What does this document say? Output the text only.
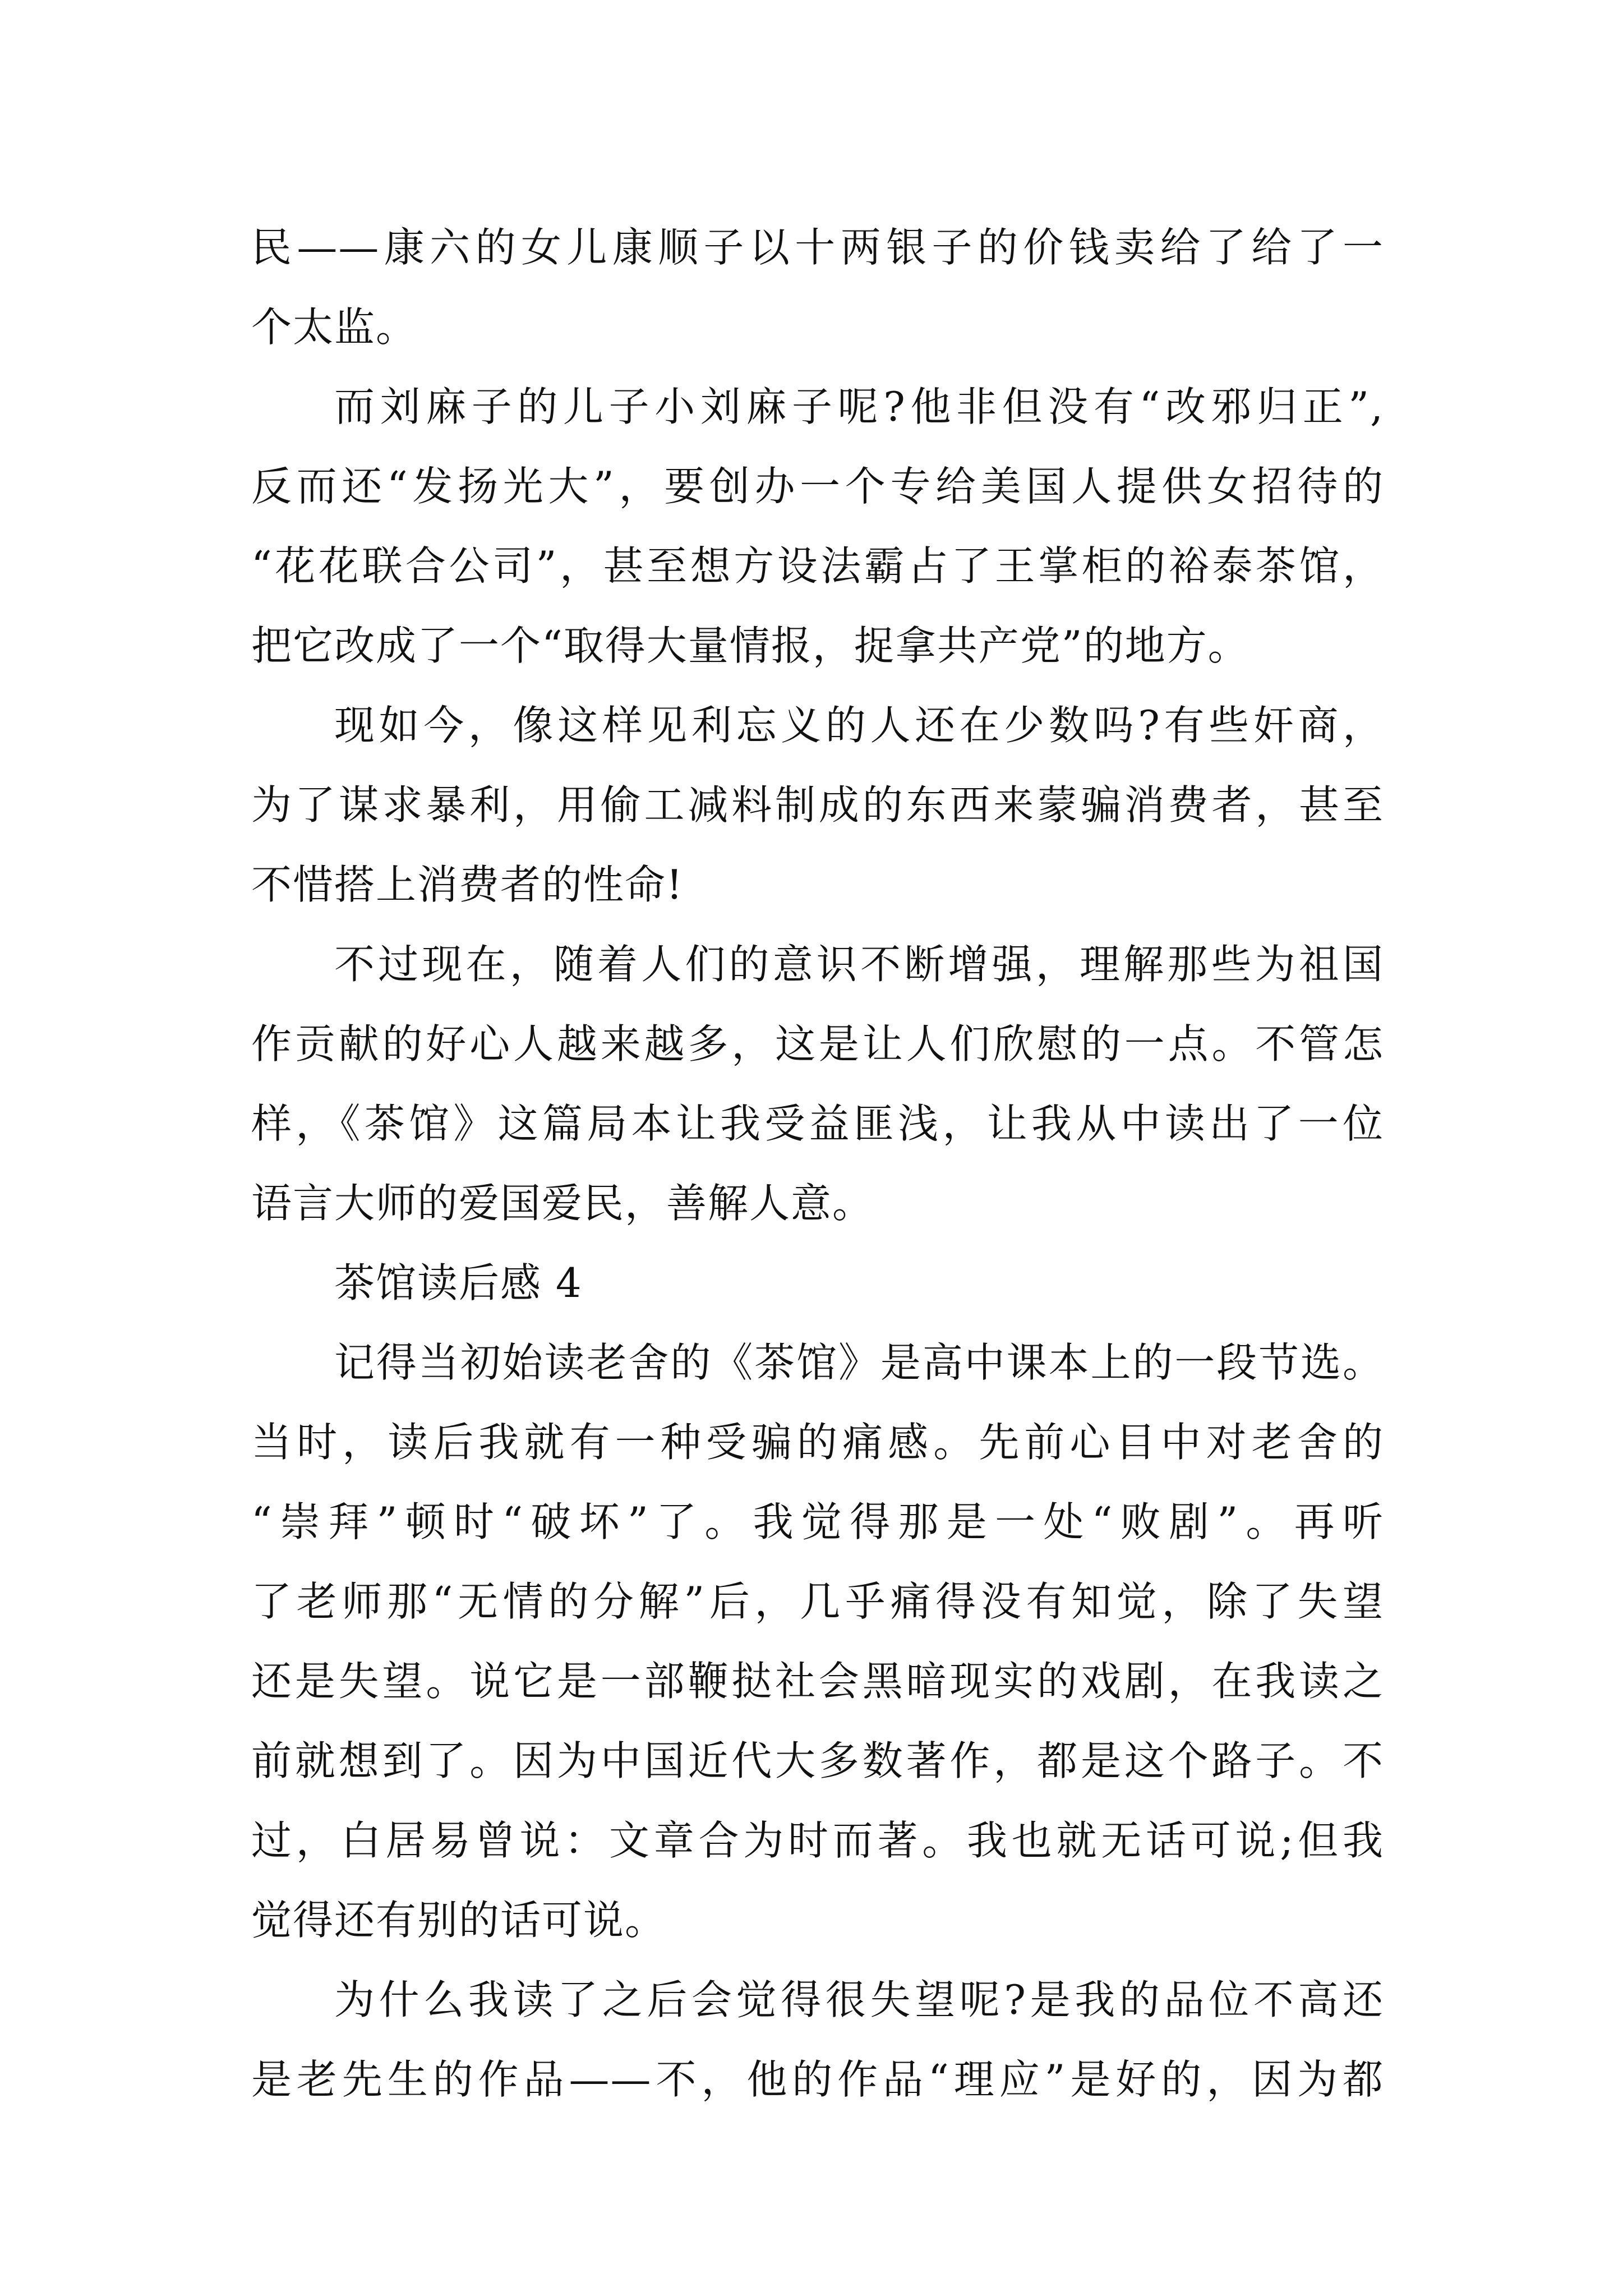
民——康六的女儿康顺子以十两银子的价钱卖给了给了一
个太监。
而刘麻子的儿子小刘麻子呢?他非但没有“改邪归正”,
反而还“发扬光大”，要创办一个专给美国人提供女招待的
“花花联合公司”，甚至想方设法霸占了王掌柜的裕泰茶馆，
把它改成了一个“取得大量情报，捉拿共产党”的地方。
现如今，像这样见利忘义的人还在少数吗?有些奸商，
为了谋求暴利，用偷工减料制成的东西来蒙骗消费者，甚至
不惜搭上消费者的性命!
不过现在，随着人们的意识不断增强，理解那些为祖国
作贡献的好心人越来越多，这是让人们欣慰的一点。不管怎
样，《茶馆》这篇局本让我受益匪浅，让我从中读出了一位
语言大师的爱国爱民，善解人意。
茶馆读后感 4
记得当初始读老舍的《茶馆》是高中课本上的一段节选。
当时，读后我就有一种受骗的痛感。先前心目中对老舍的
“崇拜”顿时“破坏”了。我觉得那是一处“败剧”。再听
了老师那“无情的分解”后，几乎痛得没有知觉，除了失望
还是失望。说它是一部鞭挞社会黑暗现实的戏剧，在我读之
前就想到了。因为中国近代大多数著作，都是这个路子。不
过，白居易曾说：文章合为时而著。我也就无话可说;但我
觉得还有别的话可说。
为什么我读了之后会觉得很失望呢?是我的品位不高还
是老先生的作品——不，他的作品“理应”是好的，因为都
